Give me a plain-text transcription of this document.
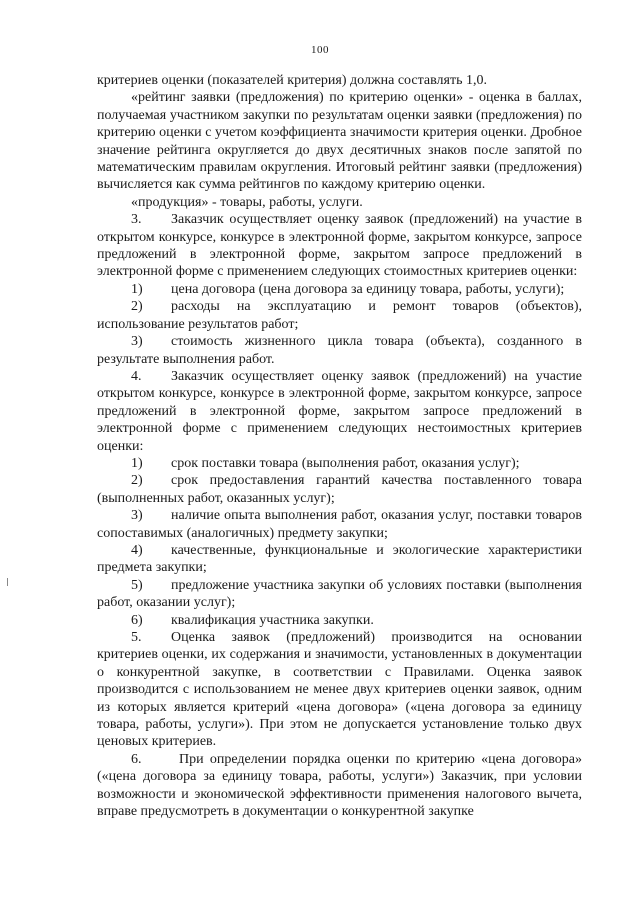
100

критериев оценки (показателей критерия) должна составлять 1,0.

«рейтинг заявки (предложения) по критерию оценки» - оценка в баллах, получаемая участником закупки по результатам оценки заявки (предложения) по критерию оценки с учетом коэффициента значимости критерия оценки. Дробное значение рейтинга округляется до двух десятичных знаков после запятой по математическим правилам округления. Итоговый рейтинг заявки (предложения) вычисляется как сумма рейтингов по каждому критерию оценки.

«продукция» - товары, работы, услуги.

3. Заказчик осуществляет оценку заявок (предложений) на участие в открытом конкурсе, конкурсе в электронной форме, закрытом конкурсе, запросе предложений в электронной форме, закрытом запросе предложений в электронной форме с применением следующих стоимостных критериев оценки:

1) цена договора (цена договора за единицу товара, работы, услуги);

2) расходы на эксплуатацию и ремонт товаров (объектов), использование результатов работ;

3) стоимость жизненного цикла товара (объекта), созданного в результате выполнения работ.

4. Заказчик осуществляет оценку заявок (предложений) на участие открытом конкурсе, конкурсе в электронной форме, закрытом конкурсе, запросе предложений в электронной форме, закрытом запросе предложений в электронной форме с применением следующих нестоимостных критериев оценки:

1) срок поставки товара (выполнения работ, оказания услуг);

2) срок предоставления гарантий качества поставленного товара (выполненных работ, оказанных услуг);

3) наличие опыта выполнения работ, оказания услуг, поставки товаров сопоставимых (аналогичных) предмету закупки;

4) качественные, функциональные и экологические характеристики предмета закупки;

5) предложение участника закупки об условиях поставки (выполнения работ, оказании услуг);

6) квалификация участника закупки.

5. Оценка заявок (предложений) производится на основании критериев оценки, их содержания и значимости, установленных в документации о конкурентной закупке, в соответствии с Правилами. Оценка заявок производится с использованием не менее двух критериев оценки заявок, одним из которых является критерий «цена договора» («цена договора за единицу товара, работы, услуги»). При этом не допускается установление только двух ценовых критериев.

6.	При определении порядка оценки по критерию «цена договора» («цена договора за единицу товара, работы, услуги») Заказчик, при условии возможности и экономической эффективности применения налогового вычета, вправе предусмотреть в документации о конкурентной закупке
